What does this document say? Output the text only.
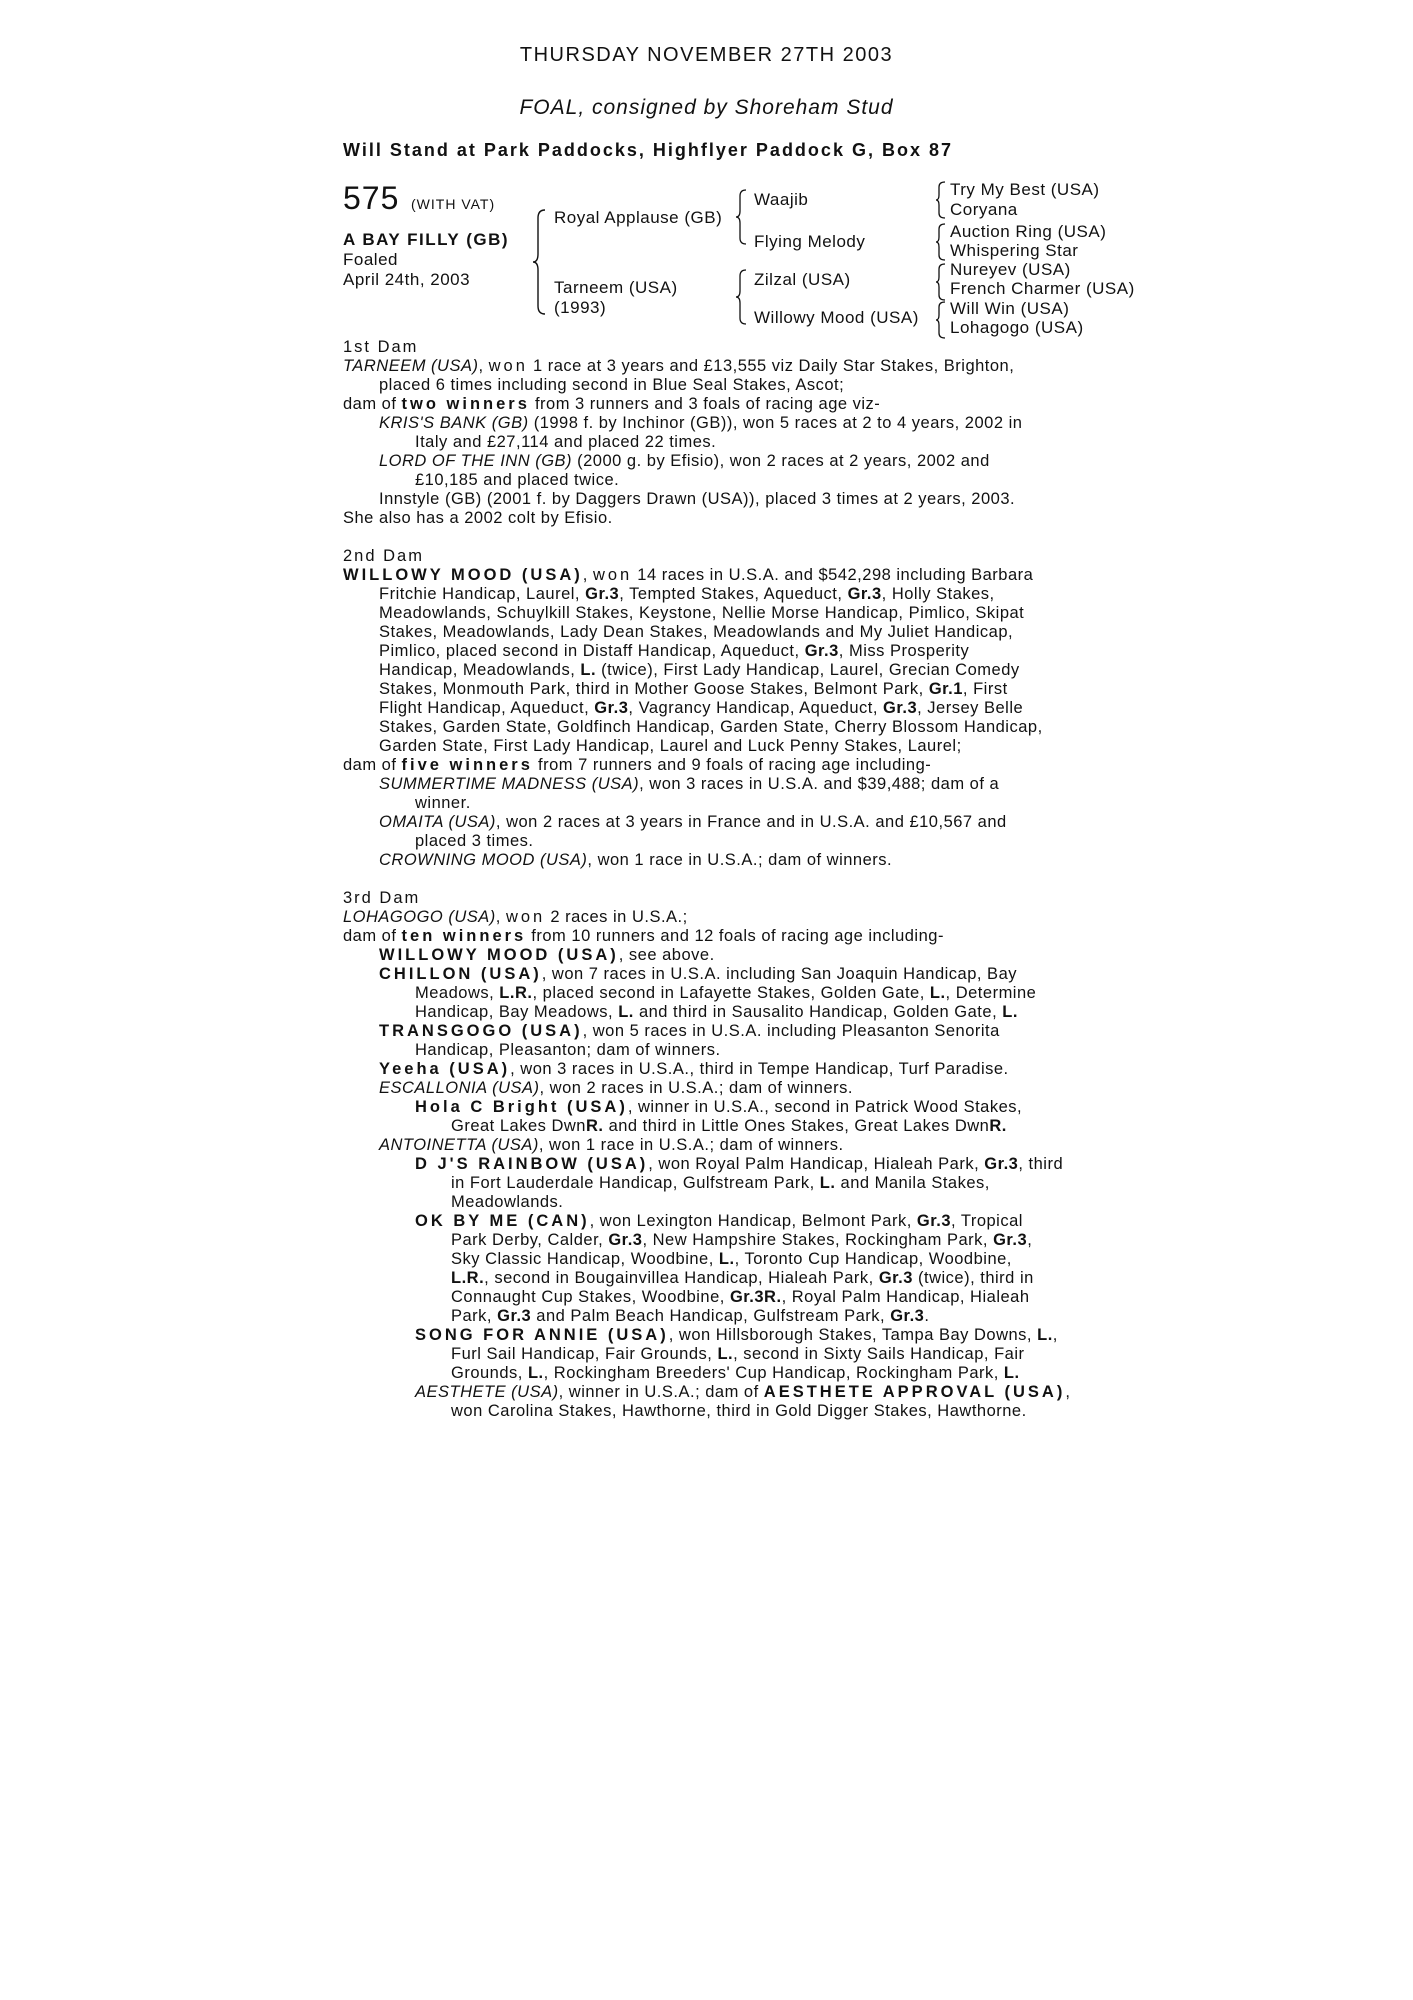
THURSDAY NOVEMBER 27TH 2003
FOAL, consigned by Shoreham Stud
Will Stand at Park Paddocks, Highflyer Paddock G, Box 87
575 (WITH VAT)
A BAY FILLY (GB)
Foaled
April 24th, 2003
Royal Applause (GB)
Tarneem (USA)
(1993)
Waajib
Flying Melody
Zilzal (USA)
Willowy Mood (USA)
Try My Best (USA)
Coryana
Auction Ring (USA)
Whispering Star
Nureyev (USA)
French Charmer (USA)
Will Win (USA)
Lohagogo (USA)

1st Dam

TARNEEM (USA), won 1 race at 3 years and £13,555 viz Daily Star Stakes, Brighton,

placed 6 times including second in Blue Seal Stakes, Ascot;

dam of two winners from 3 runners and 3 foals of racing age viz-

KRIS'S BANK (GB) (1998 f. by Inchinor (GB)), won 5 races at 2 to 4 years, 2002 in

Italy and £27,114 and placed 22 times.

LORD OF THE INN (GB) (2000 g. by Efisio), won 2 races at 2 years, 2002 and

£10,185 and placed twice.

Innstyle (GB) (2001 f. by Daggers Drawn (USA)), placed 3 times at 2 years, 2003.

She also has a 2002 colt by Efisio.

2nd Dam

WILLOWY MOOD (USA), won 14 races in U.S.A. and $542,298 including Barbara

Fritchie Handicap, Laurel, Gr.3, Tempted Stakes, Aqueduct, Gr.3, Holly Stakes,

Meadowlands, Schuylkill Stakes, Keystone, Nellie Morse Handicap, Pimlico, Skipat

Stakes, Meadowlands, Lady Dean Stakes, Meadowlands and My Juliet Handicap,

Pimlico, placed second in Distaff Handicap, Aqueduct, Gr.3, Miss Prosperity

Handicap, Meadowlands, L. (twice), First Lady Handicap, Laurel, Grecian Comedy

Stakes, Monmouth Park, third in Mother Goose Stakes, Belmont Park, Gr.1, First

Flight Handicap, Aqueduct, Gr.3, Vagrancy Handicap, Aqueduct, Gr.3, Jersey Belle

Stakes, Garden State, Goldfinch Handicap, Garden State, Cherry Blossom Handicap,

Garden State, First Lady Handicap, Laurel and Luck Penny Stakes, Laurel;

dam of five winners from 7 runners and 9 foals of racing age including-

SUMMERTIME MADNESS (USA), won 3 races in U.S.A. and $39,488; dam of a

winner.

OMAITA (USA), won 2 races at 3 years in France and in U.S.A. and £10,567 and

placed 3 times.

CROWNING MOOD (USA), won 1 race in U.S.A.; dam of winners.

3rd Dam

LOHAGOGO (USA), won 2 races in U.S.A.;

dam of ten winners from 10 runners and 12 foals of racing age including-

WILLOWY MOOD (USA), see above.

CHILLON (USA), won 7 races in U.S.A. including San Joaquin Handicap, Bay

Meadows, L.R., placed second in Lafayette Stakes, Golden Gate, L., Determine

Handicap, Bay Meadows, L. and third in Sausalito Handicap, Golden Gate, L.

TRANSGOGO (USA), won 5 races in U.S.A. including Pleasanton Senorita

Handicap, Pleasanton; dam of winners.

Yeeha (USA), won 3 races in U.S.A., third in Tempe Handicap, Turf Paradise.

ESCALLONIA (USA), won 2 races in U.S.A.; dam of winners.

Hola C Bright (USA), winner in U.S.A., second in Patrick Wood Stakes,

Great Lakes DwnR. and third in Little Ones Stakes, Great Lakes DwnR.

ANTOINETTA (USA), won 1 race in U.S.A.; dam of winners.

D J'S RAINBOW (USA), won Royal Palm Handicap, Hialeah Park, Gr.3, third

in Fort Lauderdale Handicap, Gulfstream Park, L. and Manila Stakes,

Meadowlands.

OK BY ME (CAN), won Lexington Handicap, Belmont Park, Gr.3, Tropical

Park Derby, Calder, Gr.3, New Hampshire Stakes, Rockingham Park, Gr.3,

Sky Classic Handicap, Woodbine, L., Toronto Cup Handicap, Woodbine,

L.R., second in Bougainvillea Handicap, Hialeah Park, Gr.3 (twice), third in

Connaught Cup Stakes, Woodbine, Gr.3R., Royal Palm Handicap, Hialeah

Park, Gr.3 and Palm Beach Handicap, Gulfstream Park, Gr.3.

SONG FOR ANNIE (USA), won Hillsborough Stakes, Tampa Bay Downs, L.,

Furl Sail Handicap, Fair Grounds, L., second in Sixty Sails Handicap, Fair

Grounds, L., Rockingham Breeders' Cup Handicap, Rockingham Park, L.

AESTHETE (USA), winner in U.S.A.; dam of AESTHETE APPROVAL (USA),

won Carolina Stakes, Hawthorne, third in Gold Digger Stakes, Hawthorne.
